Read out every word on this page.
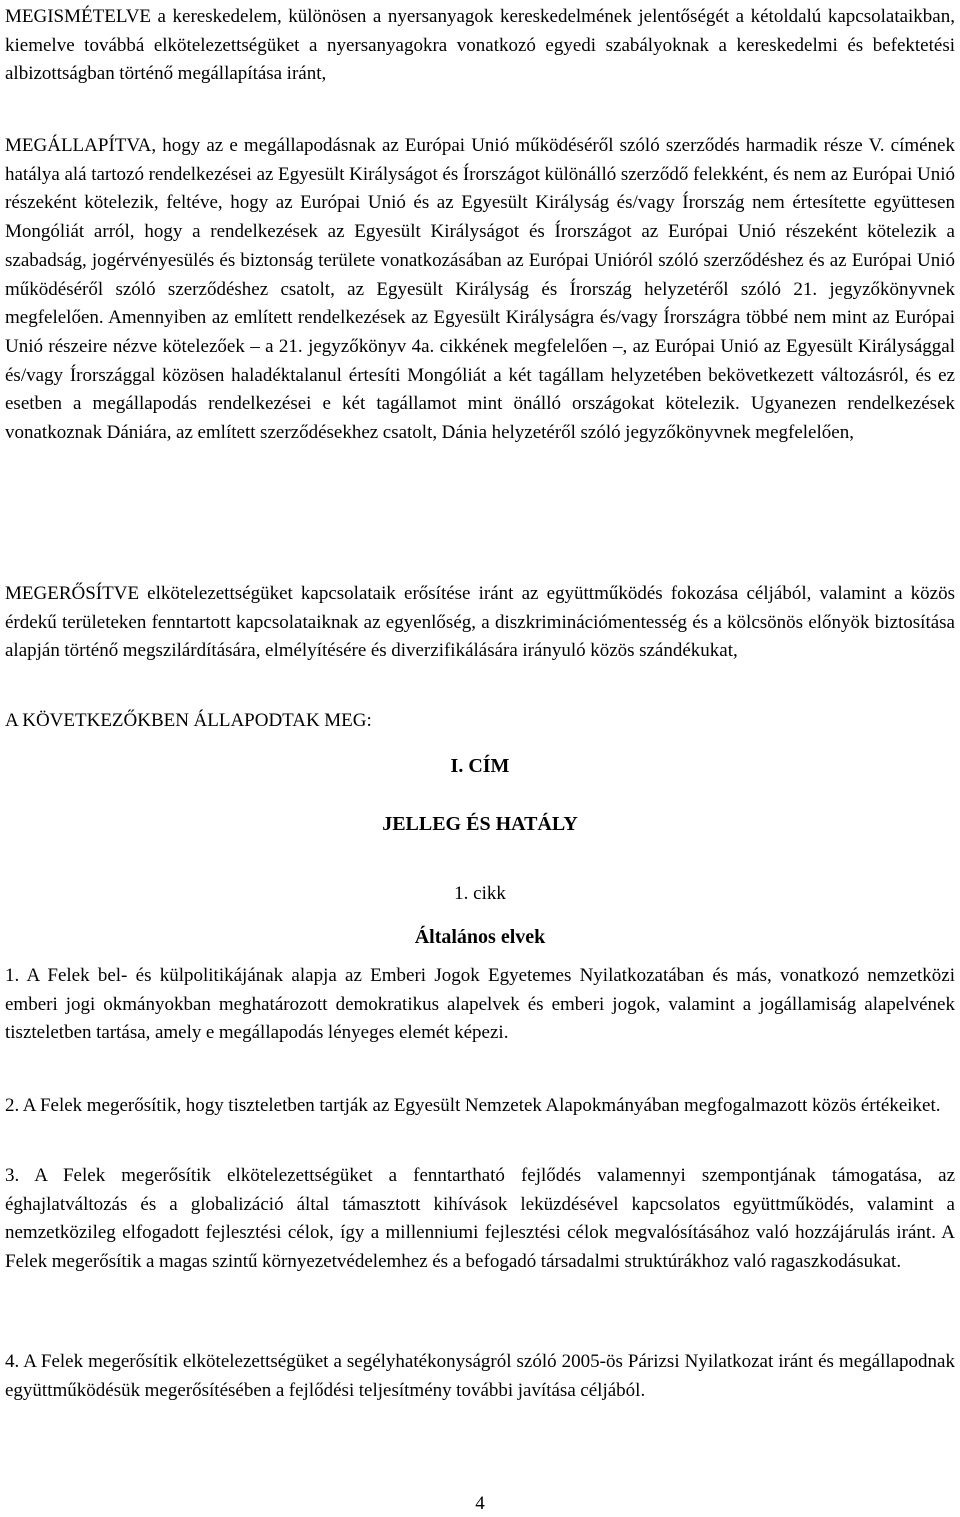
MEGISMÉTELVE a kereskedelem, különösen a nyersanyagok kereskedelmének jelentőségét a kétoldalú kapcsolataikban, kiemelve továbbá elkötelezettségüket a nyersanyagokra vonatkozó egyedi szabályoknak a kereskedelmi és befektetési albizottságban történő megállapítása iránt,

MEGÁLLAPÍTVA, hogy az e megállapodásnak az Európai Unió működéséről szóló szerződés harmadik része V. címének hatálya alá tartozó rendelkezései az Egyesült Királyságot és Írországot különálló szerződő felekként, és nem az Európai Unió részeként kötelezik, feltéve, hogy az Európai Unió és az Egyesült Királyság és/vagy Írország nem értesítette együttesen Mongóliát arról, hogy a rendelkezések az Egyesült Királyságot és Írországot az Európai Unió részeként kötelezik a szabadság, jogérvényesülés és biztonság területe vonatkozásában az Európai Unióról szóló szerződéshez és az Európai Unió működéséről szóló szerződéshez csatolt, az Egyesült Királyság és Írország helyzetéről szóló 21. jegyzőkönyvnek megfelelően. Amennyiben az említett rendelkezések az Egyesült Királyságra és/vagy Írországra többé nem mint az Európai Unió részeire nézve kötelezőek – a 21. jegyzőkönyv 4a. cikkének megfelelően –, az Európai Unió az Egyesült Királysággal és/vagy Írországgal közösen haladéktalanul értesíti Mongóliát a két tagállam helyzetében bekövetkezett változásról, és ez esetben a megállapodás rendelkezései e két tagállamot mint önálló országokat kötelezik. Ugyanezen rendelkezések vonatkoznak Dániára, az említett szerződésekhez csatolt, Dánia helyzetéről szóló jegyzőkönyvnek megfelelően,

MEGERŐSÍTVE elkötelezettségüket kapcsolataik erősítése iránt az együttműködés fokozása céljából, valamint a közös érdekű területeken fenntartott kapcsolataiknak az egyenlőség, a diszkriminációmentesség és a kölcsönös előnyök biztosítása alapján történő megszilárdítására, elmélyítésére és diverzifikálására irányuló közös szándékukat,

A KÖVETKEZŐKBEN ÁLLAPODTAK MEG:

I. CÍM

JELLEG ÉS HATÁLY

1. cikk

Általános elvek

1. A Felek bel- és külpolitikájának alapja az Emberi Jogok Egyetemes Nyilatkozatában és más, vonatkozó nemzetközi emberi jogi okmányokban meghatározott demokratikus alapelvek és emberi jogok, valamint a jogállamiság alapelvének tiszteletben tartása, amely e megállapodás lényeges elemét képezi.

2. A Felek megerősítik, hogy tiszteletben tartják az Egyesült Nemzetek Alapokmányában megfogalmazott közös értékeiket.

3. A Felek megerősítik elkötelezettségüket a fenntartható fejlődés valamennyi szempontjának támogatása, az éghajlatváltozás és a globalizáció által támasztott kihívások leküzdésével kapcsolatos együttműködés, valamint a nemzetközileg elfogadott fejlesztési célok, így a millenniumi fejlesztési célok megvalósításához való hozzájárulás iránt. A Felek megerősítik a magas szintű környezetvédelemhez és a befogadó társadalmi struktúrákhoz való ragaszkodásukat.

4. A Felek megerősítik elkötelezettségüket a segélyhatékonyságról szóló 2005-ös Párizsi Nyilatkozat iránt és megállapodnak együttműködésük megerősítésében a fejlődési teljesítmény további javítása céljából.

4
